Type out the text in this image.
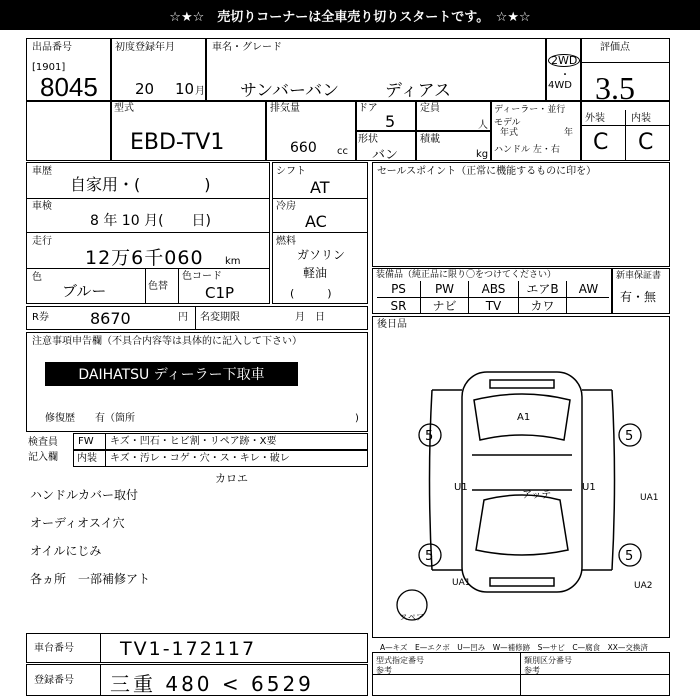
☆★☆　売切りコーナーは全車売り切りスタートです。　☆★☆
出品番号
[1901]
8045
初度登録年月
20 10 月
車名・グレード
サンバーバン	ディアス
2WD
・
4WD
評価点
3.5
外装	内装
C C
型式
EBD-TV1
排気量
660 cc
ドア
5
形状
バン
定員
人
積載
kg
ディーラー・並行
モデル
年式	年
ハンドル 左・右
車歴
自家用・(　　　　)
車検
8 年 10 月(　　日)
走行
12万6千060 km
色
ブルー	色替
色コード
C1P
シフト
AT
冷房
AC
燃料
ガソリン
軽油
(　　　)
R券	8670	円 名変期限	月　日
注意事項申告欄（不具合内容等は具体的に記入して下さい）
DAIHATSU ディーラー下取車
修復歴　　有（箇所	)
検査員
記入欄
FW キズ・凹石・ヒビ割・リペア跡・X要
内装 キズ・汚レ・コゲ・穴・ス・キレ・破レ
カロエ
ハンドルカバー取付
オーディオスイ穴
オイルにじみ
各ヵ所　一部補修アト
車台番号 TV1-172117
登録番号 三重 480 < 6529
セールスポイント（正常に機能するものに印を）
装備品（純正品に限り〇をつけてください）	新車保証書
有・無
PS	PW	ABS	エアB	AW
SR	ナビ	TV	カワ
後日品
5	5
5	5
スペア
A1
U1	U1
アッテ	UA1
UA1	UA2
A—キズ　E—エクボ　U—凹み　W—補修跡　S—サビ　C—腐食　XX—交換済
型式指定番号	類別区分番号
参考	参考
